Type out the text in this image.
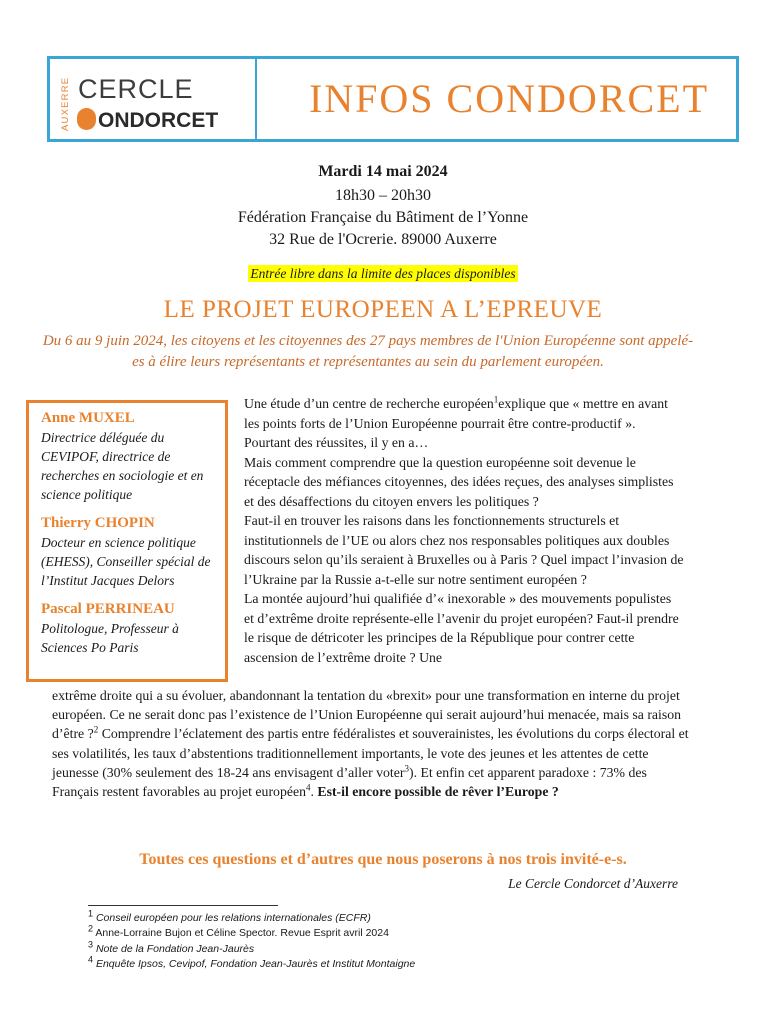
AUXERRE CERCLE
ONDORCET	INFOS CONDORCET
Mardi 14 mai 2024
18h30 – 20h30
Fédération Française du Bâtiment de l’Yonne
32 Rue de l'Ocrerie. 89000 Auxerre
Entrée libre dans la limite des places disponibles
LE PROJET EUROPEEN A L’EPREUVE
Du 6 au 9 juin 2024, les citoyens et les citoyennes des 27 pays membres de l'Union Européenne sont appelé-es à élire leurs représentants et représentantes au sein du parlement européen.
Anne MUXEL
Directrice déléguée du CEVIPOF, directrice de recherches en sociologie et en science politique
Thierry CHOPIN
Docteur en science politique (EHESS), Conseiller spécial de l’Institut Jacques Delors
Pascal PERRINEAU
Politologue, Professeur à Sciences Po Paris

Une étude d’un centre de recherche européen$^1$explique que « mettre en avant les points forts de l’Union Européenne pourrait être contre-productif ». Pourtant des réussites, il y en a…

Mais comment comprendre que la question européenne soit devenue le réceptacle des méfiances citoyennes, des idées reçues, des analyses simplistes et des désaffections du citoyen envers les politiques ?

Faut-il en trouver les raisons dans les fonctionnements structurels et institutionnels de l’UE ou alors chez nos responsables politiques aux doubles discours selon qu’ils seraient à Bruxelles ou à Paris ? Quel impact l’invasion de l’Ukraine par la Russie a-t-elle sur notre sentiment européen ?

La montée aujourd’hui qualifiée d’« inexorable » des mouvements populistes et d’extrême droite représente-elle l’avenir du projet européen? Faut-il prendre le risque de détricoter les principes de la République pour contrer cette ascension de l’extrême droite ? Une

extrême droite qui a su évoluer, abandonnant la tentation du «brexit» pour une transformation en interne du projet européen. Ce ne serait donc pas l’existence de l’Union Européenne qui serait aujourd’hui menacée, mais sa raison d’être ?$^2$ Comprendre l’éclatement des partis entre fédéralistes et souverainistes, les évolutions du corps électoral et ses volatilités, les taux d’abstentions traditionnellement importants, le vote des jeunes et les attentes de cette jeunesse (30% seulement des 18-24 ans envisagent d’aller voter$^3$). Et enfin cet apparent paradoxe : 73% des Français restent favorables au projet européen$^4$. Est-il encore possible de rêver l’Europe ?

Toutes ces questions et d’autres que nous poserons à nos trois invité-e-s.
Le Cercle Condorcet d’Auxerre
$^1$ Conseil européen pour les relations internationales (ECFR)
$^2$ Anne-Lorraine Bujon et Céline Spector. Revue Esprit avril 2024
$^3$ Note de la Fondation Jean-Jaurès
$^4$ Enquête Ipsos, Cevipof, Fondation Jean-Jaurès et Institut Montaigne
